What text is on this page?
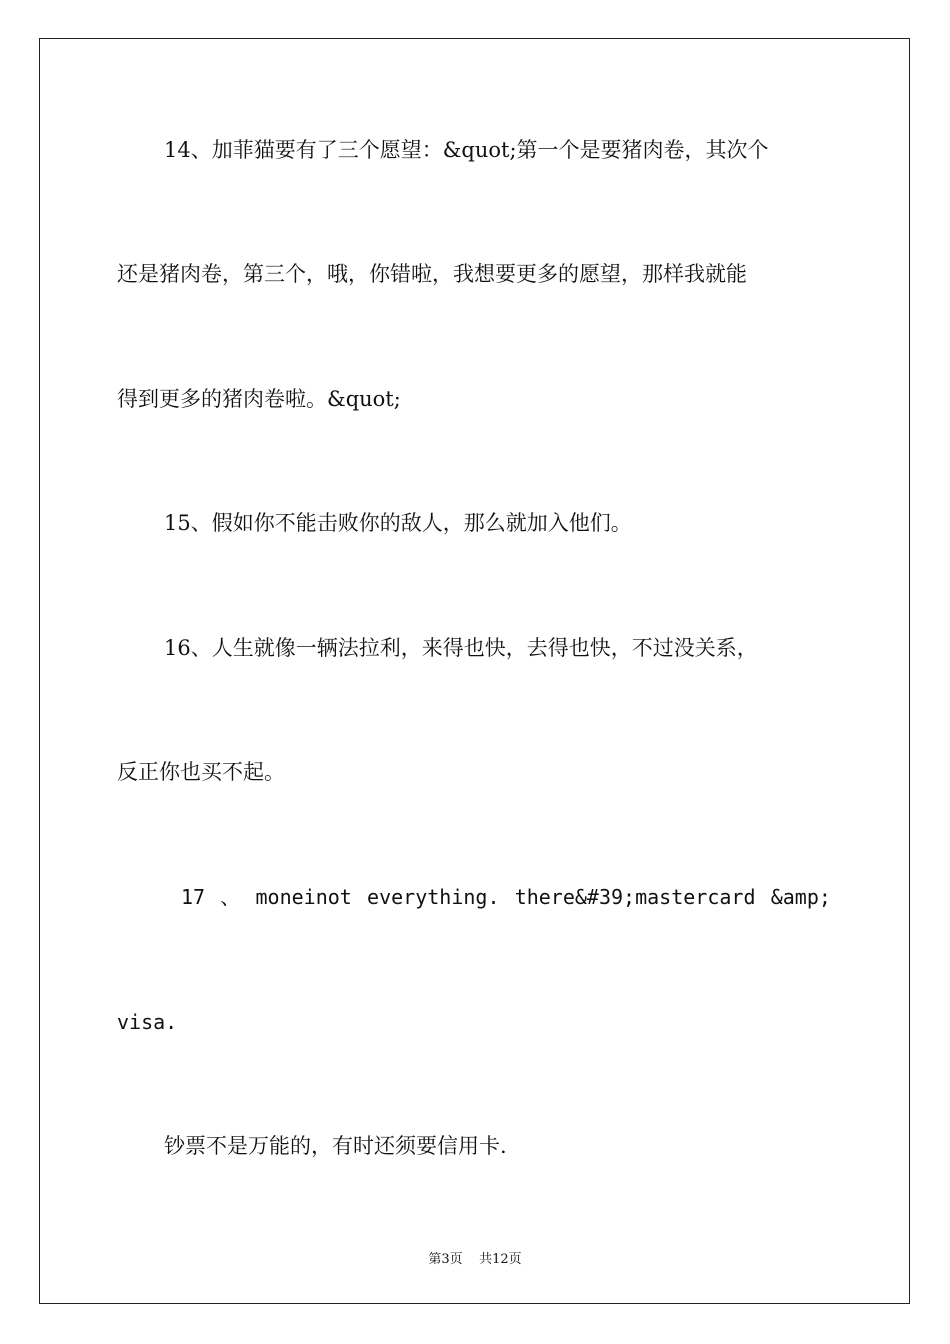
14、加菲猫要有了三个愿望：&quot;第一个是要猪肉卷，其次个
还是猪肉卷，第三个，哦，你错啦，我想要更多的愿望，那样我就能
得到更多的猪肉卷啦。&quot;
15、假如你不能击败你的敌人，那么就加入他们。
16、人生就像一辆法拉利，来得也快，去得也快，不过没关系，
反正你也买不起。
17 、 moneinot everything. there&#39;mastercard &amp;
visa.
钞票不是万能的，有时还须要信用卡.
第3页 共12页
